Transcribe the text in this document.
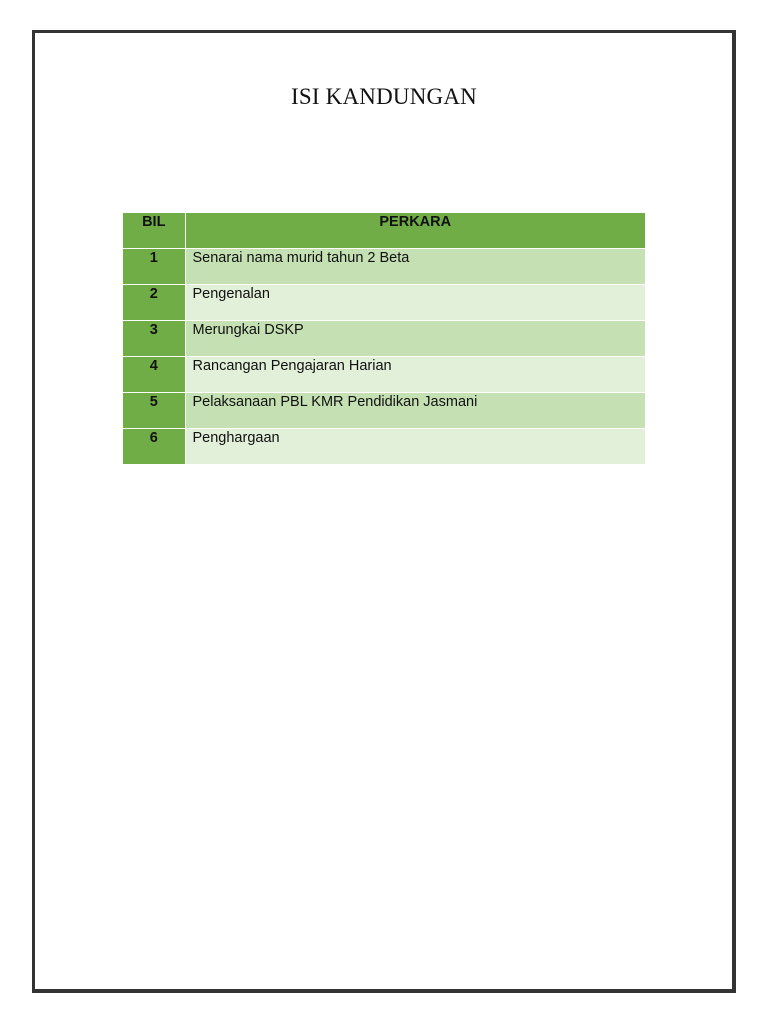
ISI KANDUNGAN
BIL	PERKARA
1	Senarai nama murid tahun 2 Beta
2	Pengenalan
3	Merungkai DSKP
4	Rancangan Pengajaran Harian
5	Pelaksanaan PBL KMR Pendidikan Jasmani
6	Penghargaan
